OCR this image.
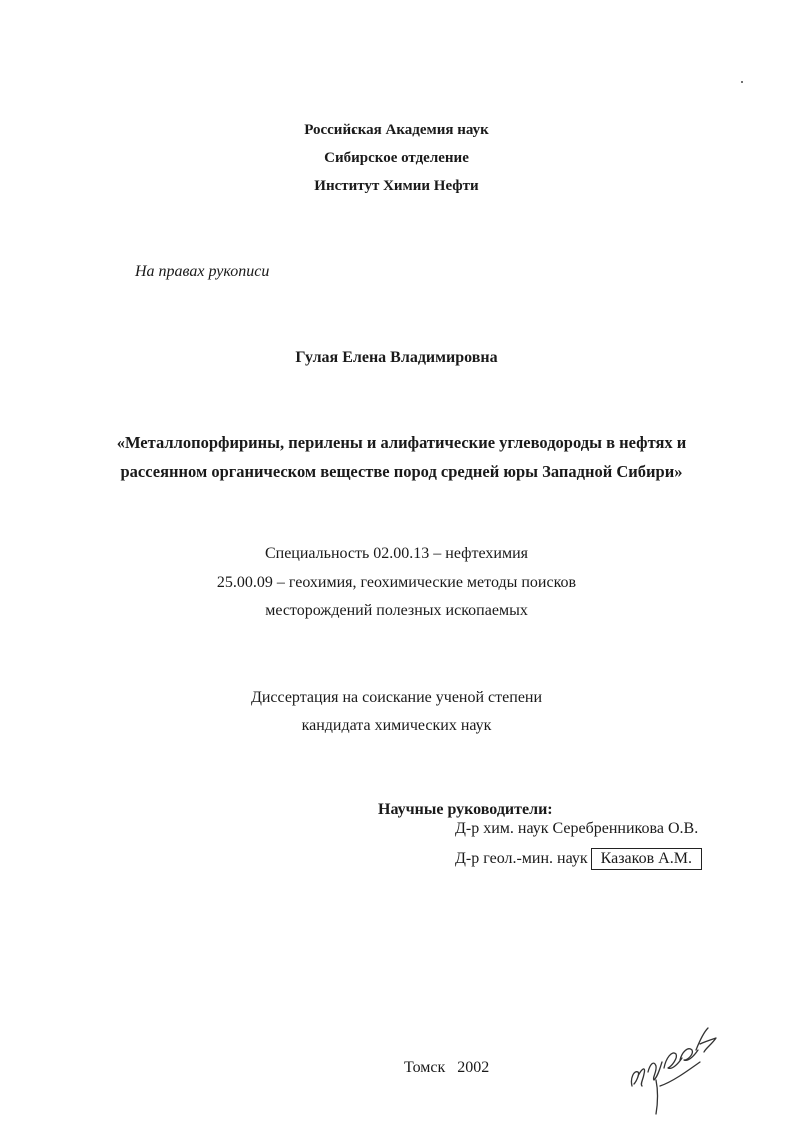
Российская Академия наук
Сибирское отделение
Институт Химии Нефти
На правах рукописи
Гулая Елена Владимировна
«Металлопорфирины, перилены и алифатические углеводороды в нефтях и
рассеянном органическом веществе пород средней юры Западной Сибири»
Специальность 02.00.13 – нефтехимия
25.00.09 – геохимия, геохимические методы поисков
месторождений полезных ископаемых
Диссертация на соискание ученой степени
кандидата химических наук
Научные руководители:
Д-р хим. наук Серебренникова О.В.
Д-р геол.-мин. наук Казаков А.М.
Томск   2002
